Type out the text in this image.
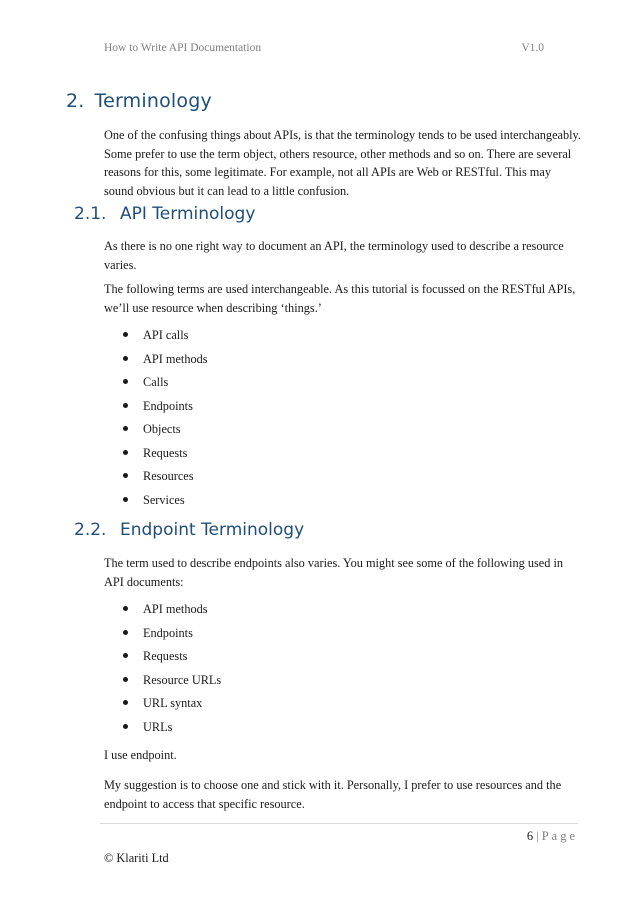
How to Write API Documentation	V1.0
2. Terminology

One of the confusing things about APIs, is that the terminology tends to be used interchangeably. Some prefer to use the term object, others resource, other methods and so on. There are several reasons for this, some legitimate. For example, not all APIs are Web or RESTful. This may sound obvious but it can lead to a little confusion.

2.1. API Terminology

As there is no one right way to document an API, the terminology used to describe a resource varies.

The following terms are used interchangeable. As this tutorial is focussed on the RESTful APIs, we’ll use resource when describing ‘things.’

API calls
API methods
Calls
Endpoints
Objects
Requests
Resources
Services
2.2. Endpoint Terminology

The term used to describe endpoints also varies. You might see some of the following used in API documents:

API methods
Endpoints
Requests
Resource URLs
URL syntax
URLs

I use endpoint.

My suggestion is to choose one and stick with it. Personally, I prefer to use resources and the endpoint to access that specific resource.

6 | Page
© Klariti Ltd
